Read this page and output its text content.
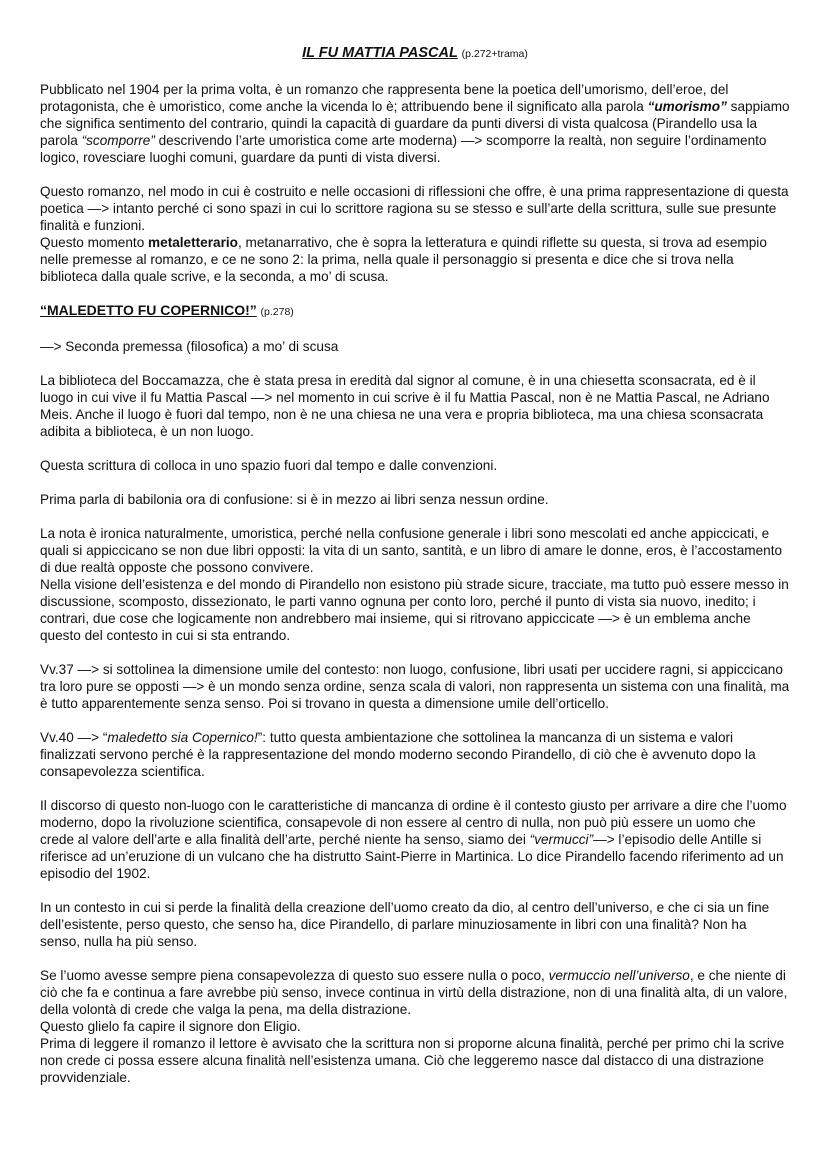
IL FU MATTIA PASCAL (p.272+trama)

Pubblicato nel 1904 per la prima volta, è un romanzo che rappresenta bene la poetica dell’umorismo, dell’eroe, del protagonista, che è umoristico, come anche la vicenda lo è; attribuendo bene il significato alla parola “umorismo” sappiamo che significa sentimento del contrario, quindi la capacità di guardare da punti diversi di vista qualcosa (Pirandello usa la parola “scomporre” descrivendo l’arte umoristica come arte moderna) —> scomporre la realtà, non seguire l’ordinamento logico, rovesciare luoghi comuni, guardare da punti di vista diversi.

Questo romanzo, nel modo in cui è costruito e nelle occasioni di riflessioni che offre, è una prima rappresentazione di questa poetica —> intanto perché ci sono spazi in cui lo scrittore ragiona su se stesso e sull’arte della scrittura, sulle sue presunte finalità e funzioni.

Questo momento metaletterario, metanarrativo, che è sopra la letteratura e quindi riflette su questa, si trova ad esempio nelle premesse al romanzo, e ce ne sono 2: la prima, nella quale il personaggio si presenta e dice che si trova nella biblioteca dalla quale scrive, e la seconda, a mo’ di scusa.

“MALEDETTO FU COPERNICO!” (p.278)

—> Seconda premessa (filosofica) a mo’ di scusa

La biblioteca del Boccamazza, che è stata presa in eredità dal signor al comune, è in una chiesetta sconsacrata, ed è il luogo in cui vive il fu Mattia Pascal —> nel momento in cui scrive è il fu Mattia Pascal, non è ne Mattia Pascal, ne Adriano Meis. Anche il luogo è fuori dal tempo, non è ne una chiesa ne una vera e propria biblioteca, ma una chiesa sconsacrata adibita a biblioteca, è un non luogo.

Questa scrittura di colloca in uno spazio fuori dal tempo e dalle convenzioni.

Prima parla di babilonia ora di confusione: si è in mezzo ai libri senza nessun ordine.

La nota è ironica naturalmente, umoristica, perché nella confusione generale i libri sono mescolati ed anche appiccicati, e quali si appiccicano se non due libri opposti: la vita di un santo, santità, e un libro di amare le donne, eros, è l’accostamento di due realtà opposte che possono convivere.

Nella visione dell’esistenza e del mondo di Pirandello non esistono più strade sicure, tracciate, ma tutto può essere messo in discussione, scomposto, dissezionato, le parti vanno ognuna per conto loro, perché il punto di vista sia nuovo, inedito; i contrari, due cose che logicamente non andrebbero mai insieme, qui si ritrovano appiccicate —> è un emblema anche questo del contesto in cui si sta entrando.

Vv.37 —> si sottolinea la dimensione umile del contesto: non luogo, confusione, libri usati per uccidere ragni, si appiccicano tra loro pure se opposti —> è un mondo senza ordine, senza scala di valori, non rappresenta un sistema con una finalità, ma è tutto apparentemente senza senso. Poi si trovano in questa a dimensione umile dell’orticello.

Vv.40 —> “maledetto sia Copernico!”: tutto questa ambientazione che sottolinea la mancanza di un sistema e valori finalizzati servono perché è la rappresentazione del mondo moderno secondo Pirandello, di ciò che è avvenuto dopo la consapevolezza scientifica.

Il discorso di questo non-luogo con le caratteristiche di mancanza di ordine è il contesto giusto per arrivare a dire che l’uomo moderno, dopo la rivoluzione scientifica, consapevole di non essere al centro di nulla, non può più essere un uomo che crede al valore dell’arte e alla finalità dell’arte, perché niente ha senso, siamo dei “vermucci”—> l’episodio delle Antille si riferisce ad un’eruzione di un vulcano che ha distrutto Saint-Pierre in Martinica. Lo dice Pirandello facendo riferimento ad un episodio del 1902.

In un contesto in cui si perde la finalità della creazione dell’uomo creato da dio, al centro dell’universo, e che ci sia un fine dell’esistente, perso questo, che senso ha, dice Pirandello, di parlare minuziosamente in libri con una finalità? Non ha senso, nulla ha più senso.

Se l’uomo avesse sempre piena consapevolezza di questo suo essere nulla o poco, vermuccio nell’universo, e che niente di ciò che fa e continua a fare avrebbe più senso, invece continua in virtù della distrazione, non di una finalità alta, di un valore, della volontà di crede che valga la pena, ma della distrazione.

Questo glielo fa capire il signore don Eligio.

Prima di leggere il romanzo il lettore è avvisato che la scrittura non si proporne alcuna finalità, perché per primo chi la scrive non crede ci possa essere alcuna finalità nell’esistenza umana. Ciò che leggeremo nasce dal distacco di una distrazione provvidenziale.
